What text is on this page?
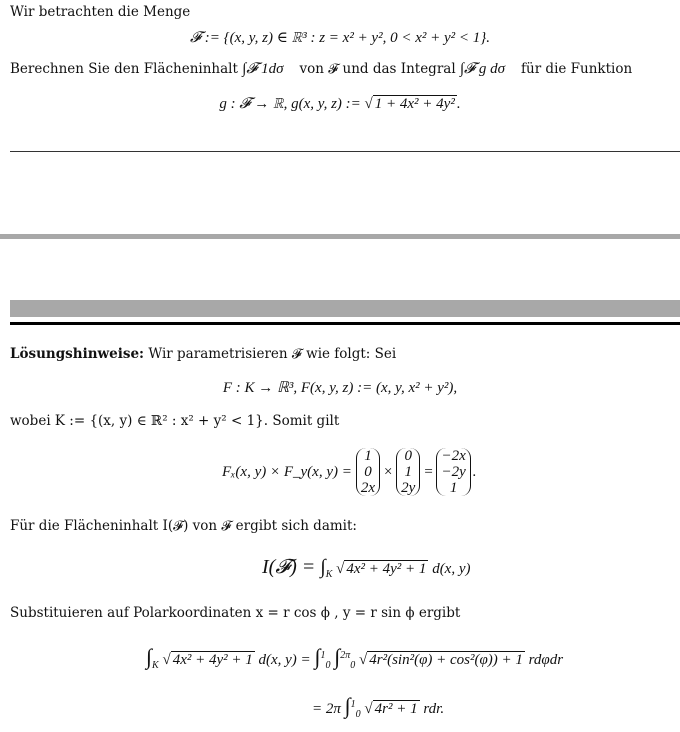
Wir betrachten die Menge
𝓕 := {(x, y, z) ∈ ℝ³ : z = x² + y², 0 < x² + y² < 1}.
Berechnen Sie den Flächeninhalt ∫𝓕 1dσ⃗ von 𝓕 und das Integral ∫𝓕 g dσ⃗ für die Funktion
g : 𝓕 → ℝ, g(x, y, z) := √ 1 + 4x² + 4y² .
Lösungshinweise: Wir parametrisieren 𝓕 wie folgt: Sei
F : K → ℝ³, F(x, y, z) := (x, y, x² + y²),
wobei K := {(x, y) ∈ ℝ² : x² + y² < 1}. Somit gilt
Fₓ(x, y) × F_y(x, y) =
1
0
2x
×
0
1
2y
=
−2x
−2y
1
.
Für die Flächeninhalt I(𝓕) von 𝓕 ergibt sich damit:
I(𝓕) = $\int_K$ √ 4x² + 4y² + 1 d(x, y)
Substituieren auf Polarkoordinaten x = r cos ϕ , y = r sin ϕ ergibt
$\int_K$ √ 4x² + 4y² + 1 d(x, y) = ∫$^1_0$ ∫$^{2\pi}_0$ √ 4r²(sin²(φ) + cos²(φ)) + 1 rdφdr
= 2π ∫$^1_0$ √ 4r² + 1 rdr.
